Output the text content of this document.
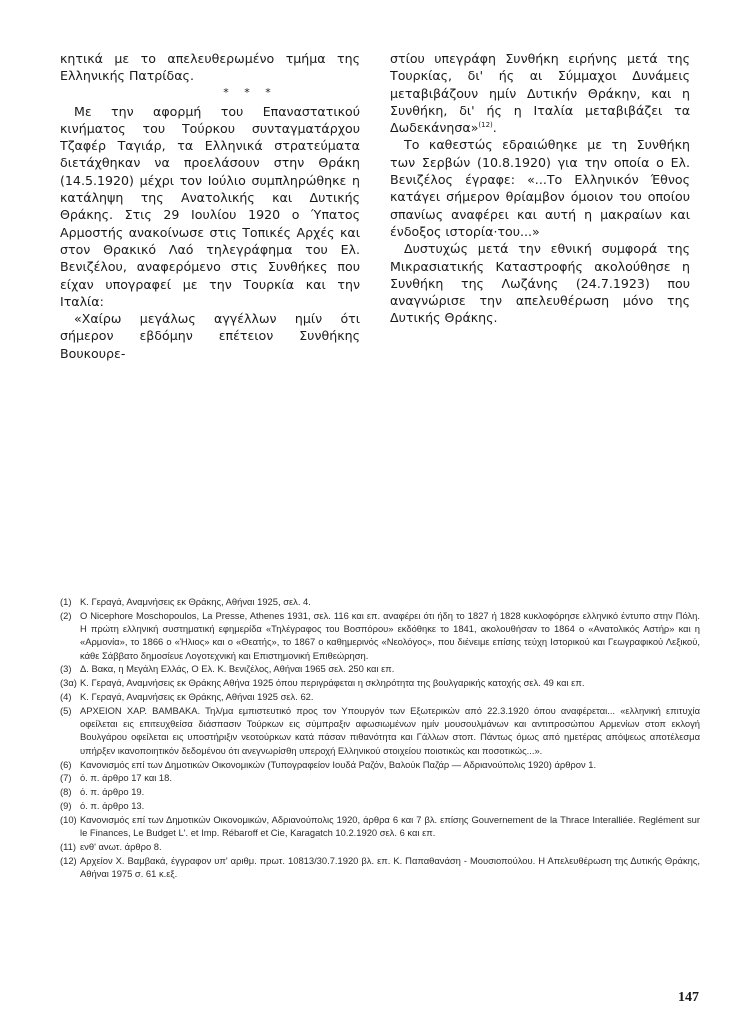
κητικά με το απελευθερωμένο τμήμα της Ελληνικής Πατρίδας.

* * *

Με την αφορμή του Επαναστατικού κινήματος του Τούρκου συνταγματάρχου Τζαφέρ Ταγιάρ, τα Ελληνικά στρατεύματα διετάχθηκαν να προελάσουν στην Θράκη (14.5.1920) μέχρι τον Ιούλιο συμπληρώθηκε η κατάληψη της Ανατολικής και Δυτικής Θράκης. Στις 29 Ιουλίου 1920 ο Ύπατος Αρμοστής ανακοίνωσε στις Τοπικές Αρχές και στον Θρακικό Λαό τηλεγράφημα του Ελ. Βενιζέλου, αναφερόμενο στις Συνθήκες που είχαν υπογραφεί με την Τουρκία και την Ιταλία:

«Χαίρω μεγάλως αγγέλλων ημίν ότι σήμερον εβδόμην επέτειον Συνθήκης Βουκουρε-

στίου υπεγράφη Συνθήκη ειρήνης μετά της Τουρκίας, δι' ής αι Σύμμαχοι Δυνάμεις μεταβιβάζουν ημίν Δυτικήν Θράκην, και η Συνθήκη, δι' ής η Ιταλία μεταβιβάζει τα Δωδεκάνησα»$^{(12)}$.

Το καθεστώς εδραιώθηκε με τη Συνθήκη των Σερβών (10.8.1920) για την οποία ο Ελ. Βενιζέλος έγραφε: «...Το Ελληνικόν Έθνος κατάγει σήμερον θρίαμβον όμοιον του οποίου σπανίως αναφέρει και αυτή η μακραίων και ένδοξος ιστορία·του...»

Δυστυχώς μετά την εθνική συμφορά της Μικρασιατικής Καταστροφής ακολούθησε η Συνθήκη της Λωζάνης (24.7.1923) που αναγνώρισε την απελευθέρωση μόνο της Δυτικής Θράκης.

(1) Κ. Γεραγά, Αναμνήσεις εκ Θράκης, Αθήναι 1925, σελ. 4.
(2) Ο Nicephore Moschopoulos, La Presse, Athenes 1931, σελ. 116 και επ. αναφέρει ότι ήδη το 1827 ή 1828 κυκλοφόρησε ελληνικό έντυπο στην Πόλη. Η πρώτη ελληνική συστηματική εφημερίδα «Τηλέγραφος του Βοσπόρου» εκδόθηκε το 1841, ακολουθήσαν το 1864 ο «Ανατολικός Αστήρ» και η «Αρμονία», το 1866 ο «Ήλιος» και ο «Θεατής», το 1867 ο καθημερινός «Νεολόγος», που διένειμε επίσης τεύχη Ιστορικού και Γεωγραφικού Λεξικού, κάθε Σάββατο δημοσίευε Λογοτεχνική και Επιστημονική Επιθεώρηση.
(3) Δ. Βακα, η Μεγάλη Ελλάς, Ο Ελ. Κ. Βενιζέλος, Αθήναι 1965 σελ. 250 και επ.
(3α) Κ. Γεραγά, Αναμνήσεις εκ Θράκης Αθήνα 1925 όπου περιγράφεται η σκληρότητα της βουλγαρικής κατοχής σελ. 49 και επ.
(4) Κ. Γεραγά, Αναμνήσεις εκ Θράκης, Αθήναι 1925 σελ. 62.
(5) ΑΡΧΕΙΟΝ ΧΑΡ. ΒΑΜΒΑΚΑ. Τηλ/μα εμπιστευτικό προς τον Υπουργόν των Εξωτερικών από 22.3.1920 όπου αναφέρεται... «ελληνική επιτυχία οφείλεται εις επιτευχθείσα διάσπασιν Τούρκων εις σύμπραξιν αφωσιωμένων ημίν μουσουλμάνων και αντιπροσώπου Αρμενίων στοπ εκλογή Βουλγάρου οφείλεται εις υποστήριξιν νεοτούρκων κατά πάσαν πιθανότητα και Γάλλων στοπ. Πάντως όμως από ημετέρας απόψεως αποτέλεσμα υπήρξεν ικανοποιητικόν δεδομένου ότι ανεγνωρίσθη υπεροχή Ελληνικού στοιχείου ποιοτικώς και ποσοτικώς...».
(6) Κανονισμός επί των Δημοτικών Οικονομικών (Τυπογραφείον Ιουδά Ραζόν, Βαλούκ Παζάρ — Αδριανούπολις 1920) άρθρον 1.
(7) ό. π. άρθρο 17 και 18.
(8) ό. π. άρθρο 19.
(9) ό. π. άρθρο 13.
(10) Κανονισμός επί των Δημοτικών Οικονομικών, Αδριανούπολις 1920, άρθρα 6 και 7 βλ. επίσης Gouvernement de la Thrace Interalliée. Reglément sur le Finances, Le Budget L'. et Imp. Rébaroff et Cie, Karagatch 10.2.1920 σελ. 6 και επ.
(11) ενθ' ανωτ. άρθρο 8.
(12) Αρχείον Χ. Βαμβακά, έγγραφον υπ' αριθμ. πρωτ. 10813/30.7.1920 βλ. επ. Κ. Παπαθανάση - Μουσιοπούλου. Η Απελευθέρωση της Δυτικής Θράκης, Αθήναι 1975 σ. 61 κ.εξ.
147
